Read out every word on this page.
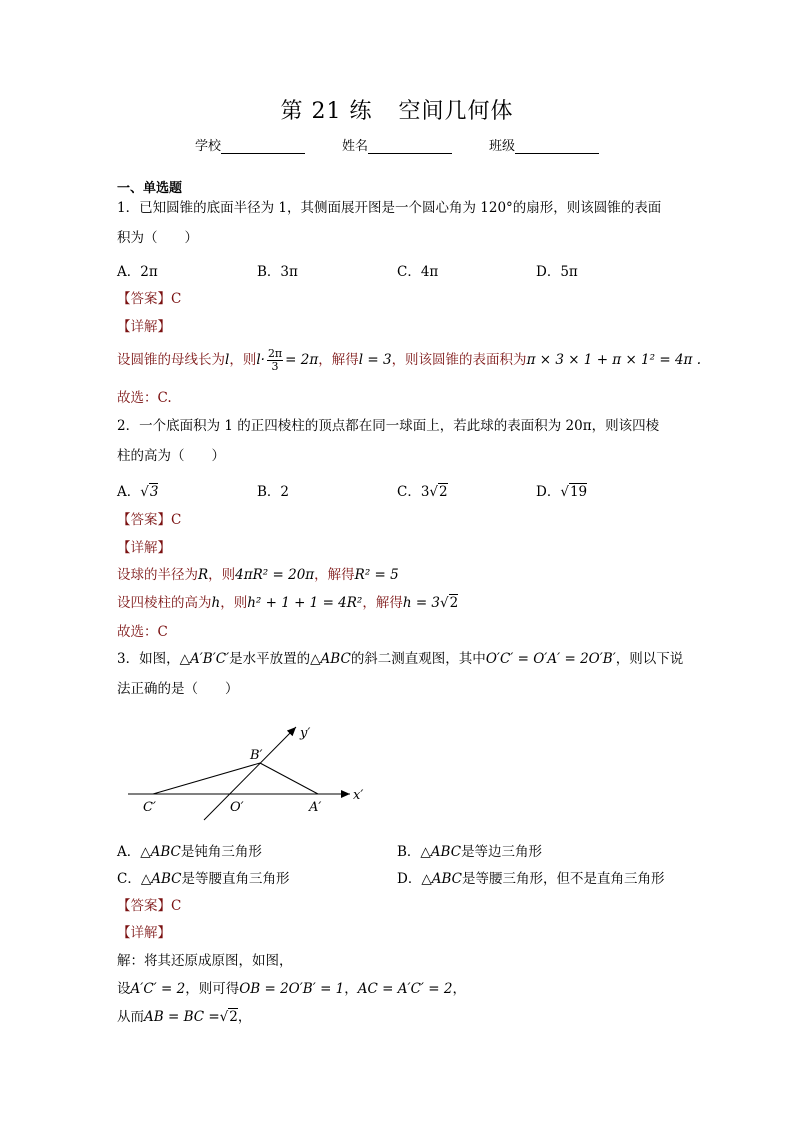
第 21 练 空间几何体
学校	姓名	班级
一、单选题
1．已知圆锥的底面半径为 1，其侧面展开图是一个圆心角为 120°的扇形，则该圆锥的表面
积为（　　）
A．2π	B．3π	C．4π	D．5π
【答案】C
【详解】
设圆锥的母线长为l，则$l\cdot \frac{2\pi}{3} = 2\pi$，解得l = 3，则该圆锥的表面积为π × 3 × 1 + π × 1² = 4π .
故选：C.
2．一个底面积为 1 的正四棱柱的顶点都在同一球面上，若此球的表面积为 20π，则该四棱
柱的高为（　　）
A．√3	B．2	C．3√2	D．√19
【答案】C
【详解】
设球的半径为R，则4πR² = 20π，解得R² = 5
设四棱柱的高为h，则h² + 1 + 1 = 4R²，解得h = 3√2
故选：C
3．如图，△A′B′C′是水平放置的△ABC的斜二测直观图，其中O′C′ = O′A′ = 2O′B′，则以下说
法正确的是（　　）
y′
x′
B′
C′	O′	A′
A．△ABC是钝角三角形	B．△ABC是等边三角形
C．△ABC是等腰直角三角形	D．△ABC是等腰三角形，但不是直角三角形
【答案】C
【详解】
解：将其还原成原图，如图，
设A′C′ = 2，则可得OB = 2O′B′ = 1，AC = A′C′ = 2，
从而AB = BC =√2，
